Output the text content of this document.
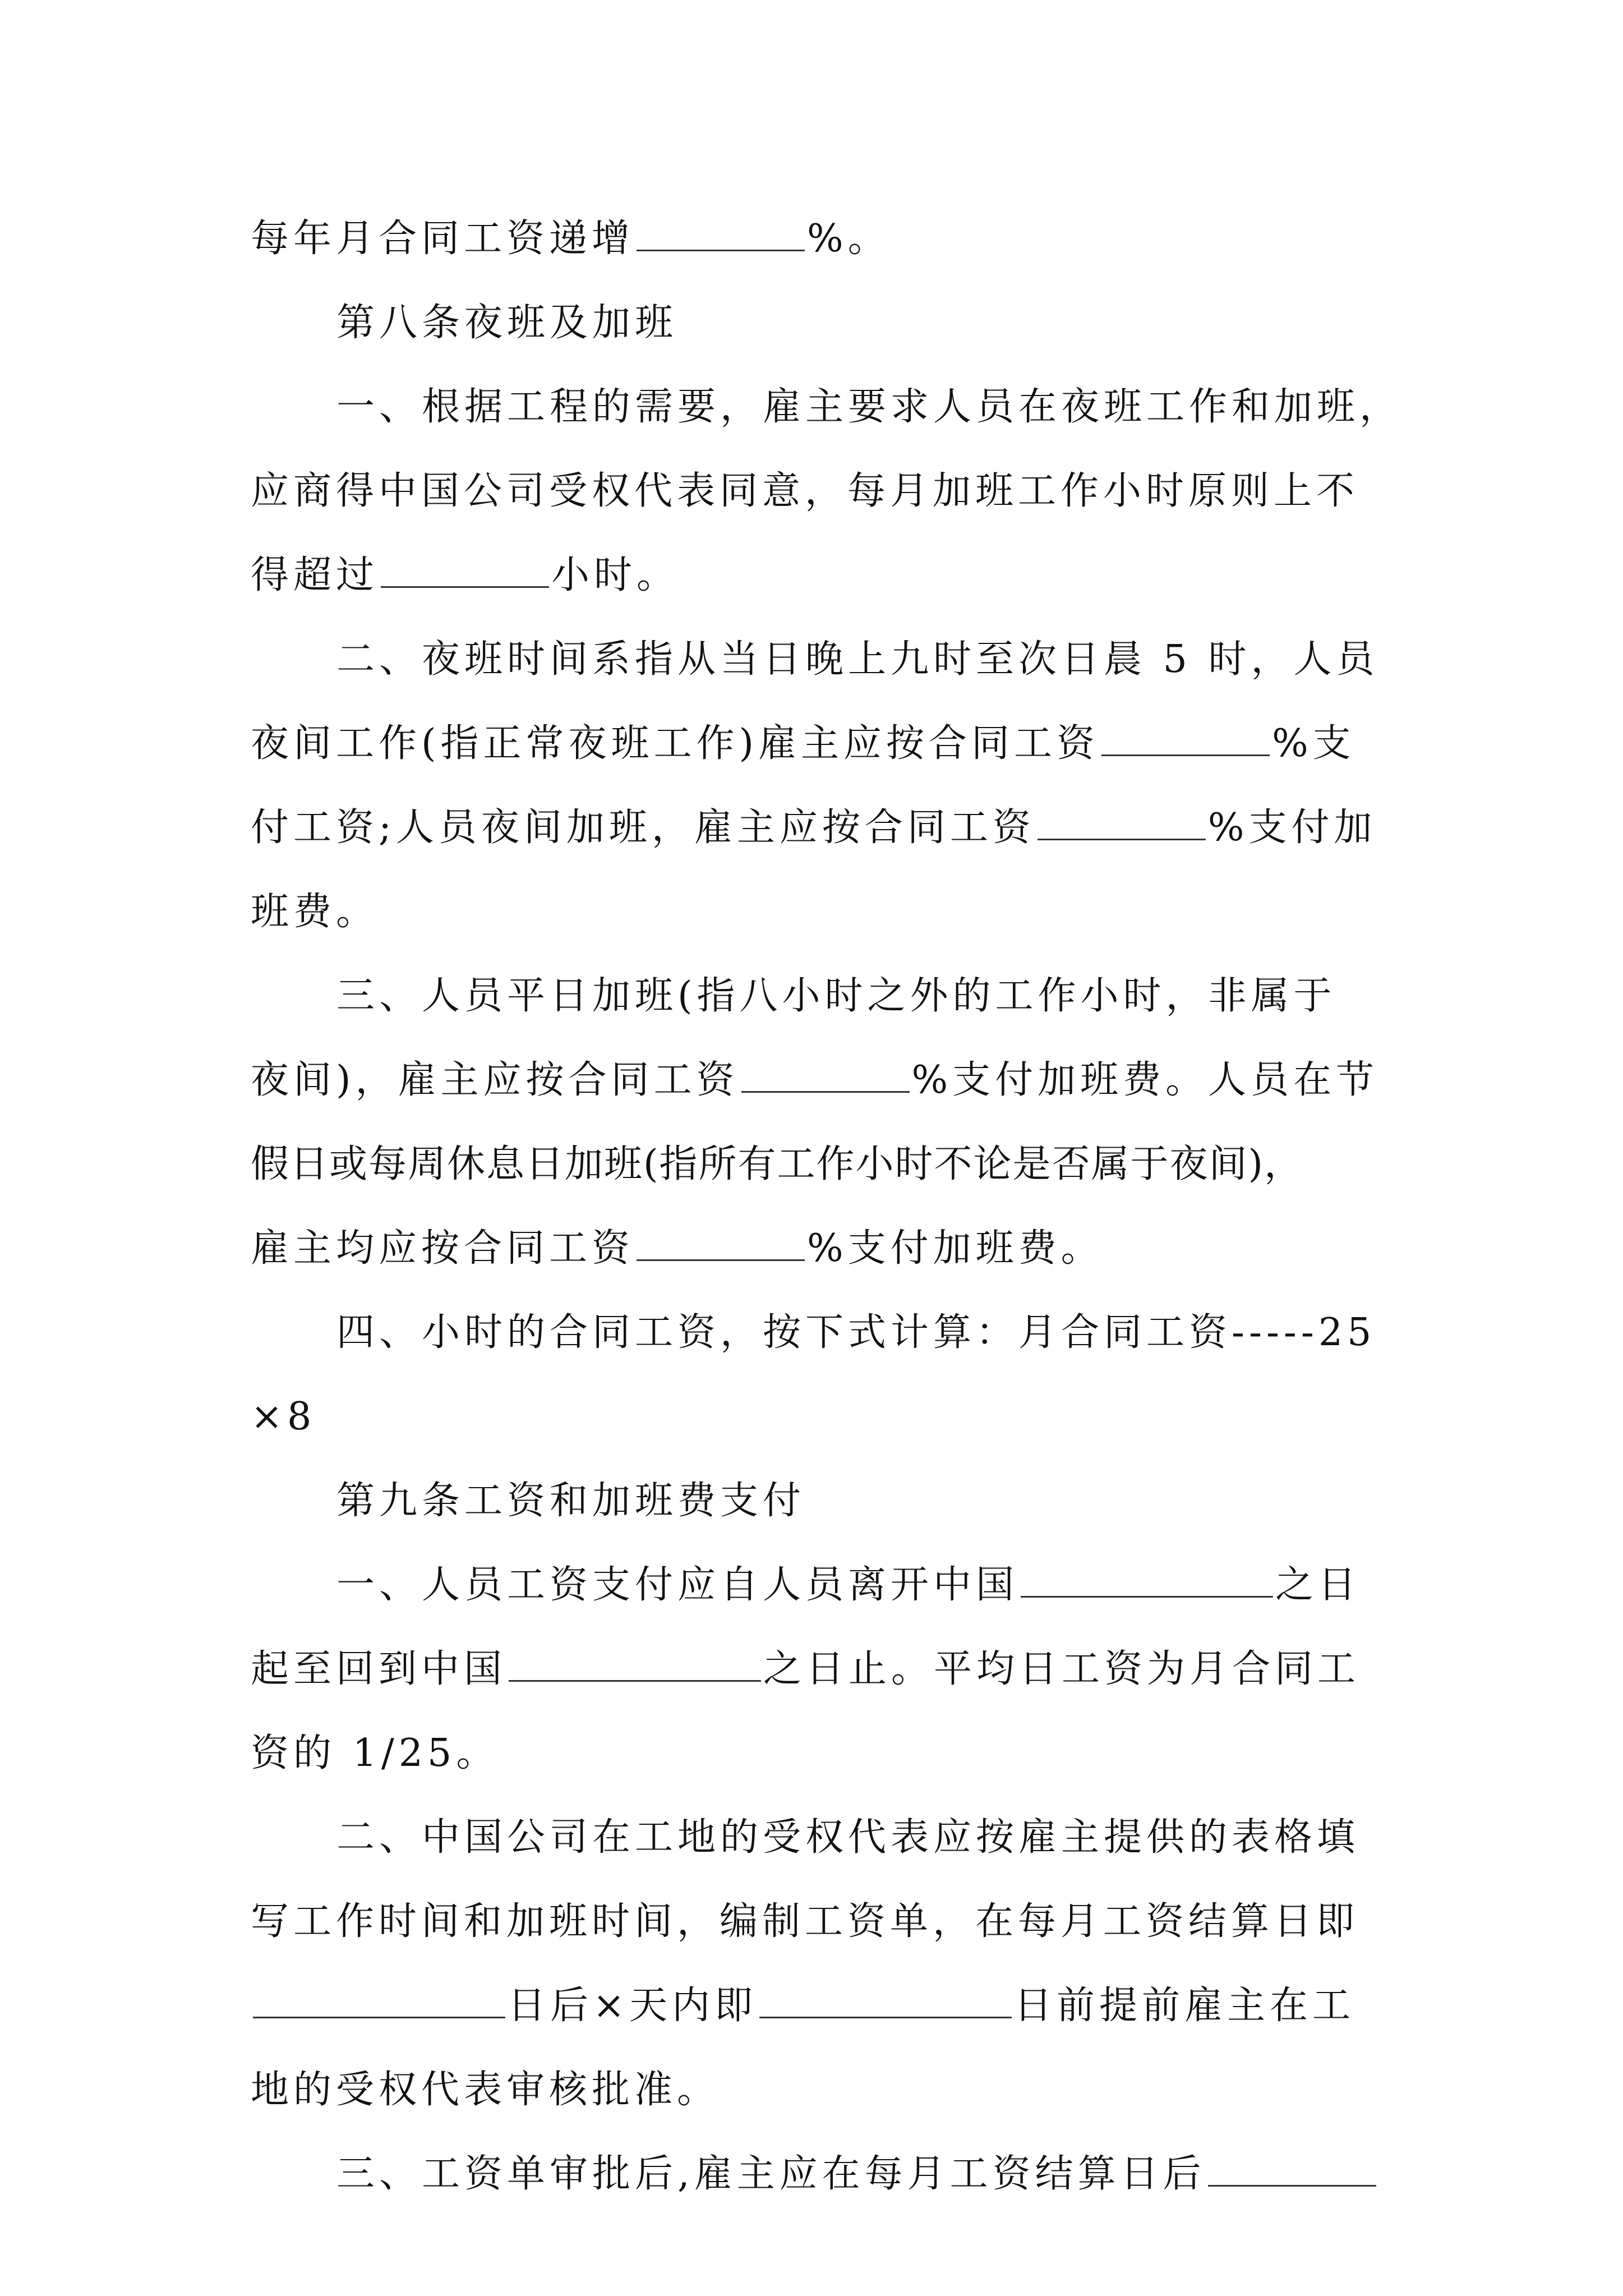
每年月合同工资递增	%。
第八条夜班及加班
一、根据工程的需要，雇主要求人员在夜班工作和加班，
应商得中国公司受权代表同意，每月加班工作小时原则上不
得超过	小时。
二、夜班时间系指从当日晚上九时至次日晨 5 时，人员
夜间工作(指正常夜班工作)雇主应按合同工资	%支
付工资;人员夜间加班，雇主应按合同工资	%支付加
班费。
三、人员平日加班(指八小时之外的工作小时，非属于
夜间)，雇主应按合同工资	%支付加班费。人员在节
假日或每周休息日加班(指所有工作小时不论是否属于夜间)，
雇主均应按合同工资	%支付加班费。
四、小时的合同工资，按下式计算：月合同工资-----25
×8
第九条工资和加班费支付
一、人员工资支付应自人员离开中国	之日
起至回到中国	之日止。平均日工资为月合同工
资的 1/25。
二、中国公司在工地的受权代表应按雇主提供的表格填
写工作时间和加班时间，编制工资单，在每月工资结算日即
日后×天内即	日前提前雇主在工
地的受权代表审核批准。
三、工资单审批后,雇主应在每月工资结算日后
